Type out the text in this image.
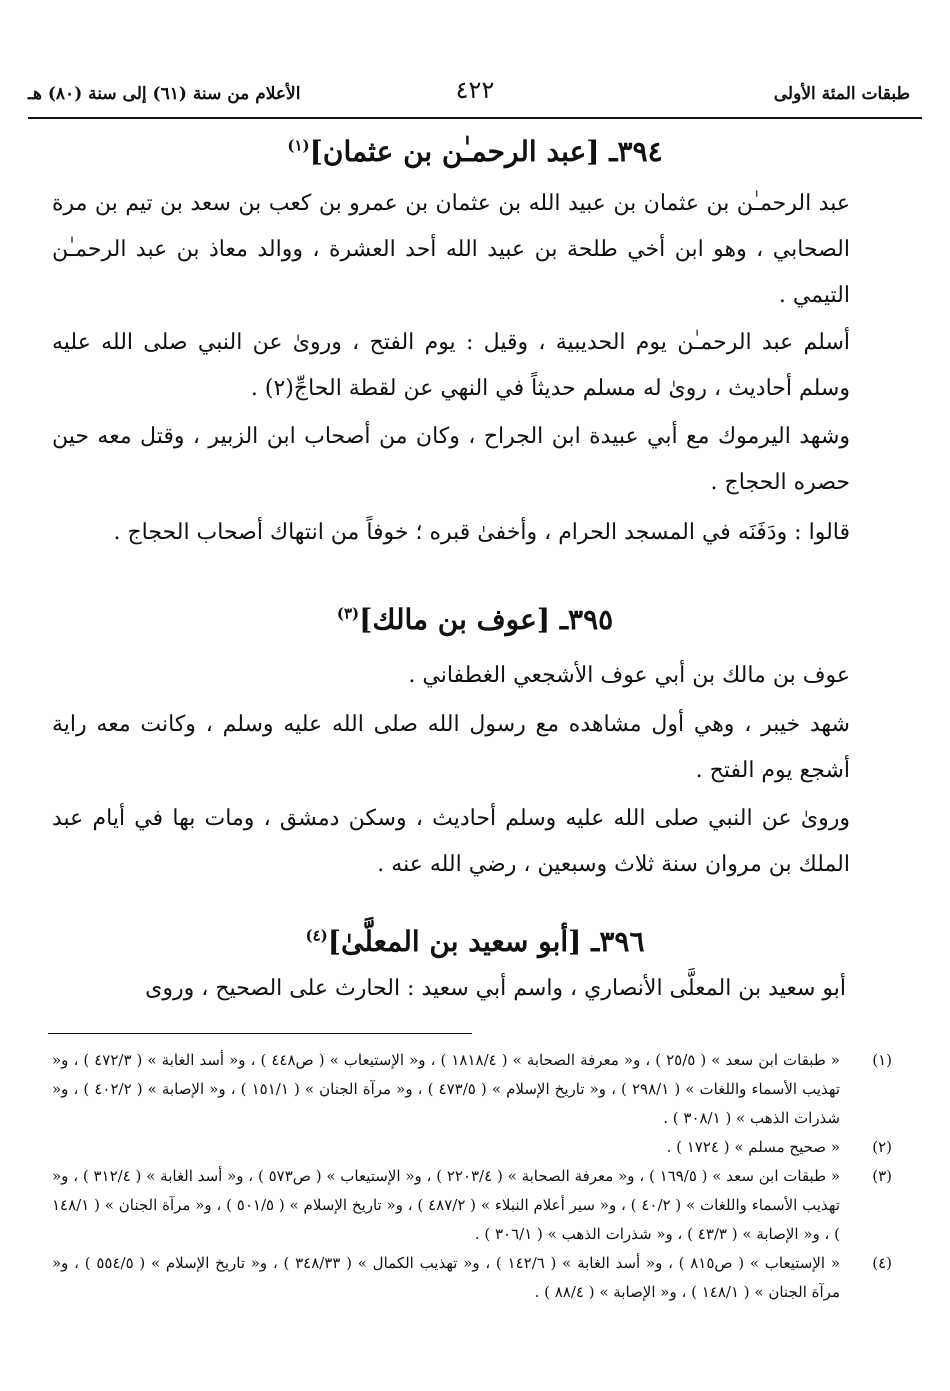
طبقات المئة الأولى
٤٢٢
الأعلام من سنة (٦١) إلى سنة (٨٠) هـ
٣٩٤ـ [عبد الرحمـٰن بن عثمان]$^{(١)}$
عبد الرحمـٰن بن عثمان بن عبيد الله بن عثمان بن عمرو بن كعب بن سعد بن تيم بن مرة الصحابي ، وهو ابن أخي طلحة بن عبيد الله أحد العشرة ، ووالد معاذ بن عبد الرحمـٰن التيمي .
أسلم عبد الرحمـٰن يوم الحديبية ، وقيل : يوم الفتح ، وروىٰ عن النبي صلى الله عليه وسلم أحاديث ، روىٰ له مسلم حديثاً في النهي عن لقطة الحاجِّ(٢) .
وشهد اليرموك مع أبي عبيدة ابن الجراح ، وكان من أصحاب ابن الزبير ، وقتل معه حين حصره الحجاج .
قالوا : ودَفَنَه في المسجد الحرام ، وأخفىٰ قبره ؛ خوفاً من انتهاك أصحاب الحجاج .
٣٩٥ـ [عوف بن مالك]$^{(٣)}$
عوف بن مالك بن أبي عوف الأشجعي الغطفاني .
شهد خيبر ، وهي أول مشاهده مع رسول الله صلى الله عليه وسلم ، وكانت معه راية أشجع يوم الفتح .
وروىٰ عن النبي صلى الله عليه وسلم أحاديث ، وسكن دمشق ، ومات بها في أيام عبد الملك بن مروان سنة ثلاث وسبعين ، رضي الله عنه .
٣٩٦ـ [أبو سعيد بن المعلَّىٰ]$^{(٤)}$
أبو سعيد بن المعلَّى الأنصاري ، واسم أبي سعيد : الحارث على الصحيح ، وروى
(١)
« طبقات ابن سعد » ( ٢٥/٥ ) ، و« معرفة الصحابة » ( ١٨١٨/٤ ) ، و« الإستيعاب » ( ص٤٤٨ ) ، و« أسد الغابة » ( ٤٧٢/٣ ) ، و« تهذيب الأسماء واللغات » ( ٢٩٨/١ ) ، و« تاريخ الإسلام » ( ٤٧٣/٥ ) ، و« مرآة الجنان » ( ١٥١/١ ) ، و« الإصابة » ( ٤٠٢/٢ ) ، و« شذرات الذهب » ( ٣٠٨/١ ) .
(٢)
« صحيح مسلم » ( ١٧٢٤ ) .
(٣)
« طبقات ابن سعد » ( ١٦٩/٥ ) ، و« معرفة الصحابة » ( ٢٢٠٣/٤ ) ، و« الإستيعاب » ( ص٥٧٣ ) ، و« أسد الغابة » ( ٣١٢/٤ ) ، و« تهذيب الأسماء واللغات » ( ٤٠/٢ ) ، و« سير أعلام النبلاء » ( ٤٨٧/٢ ) ، و« تاريخ الإسلام » ( ٥٠١/٥ ) ، و« مرآة الجنان » ( ١٤٨/١ ) ، و« الإصابة » ( ٤٣/٣ ) ، و« شذرات الذهب » ( ٣٠٦/١ ) .
(٤)
« الإستيعاب » ( ص٨١٥ ) ، و« أسد الغابة » ( ١٤٢/٦ ) ، و« تهذيب الكمال » ( ٣٤٨/٣٣ ) ، و« تاريخ الإسلام » ( ٥٥٤/٥ ) ، و« مرآة الجنان » ( ١٤٨/١ ) ، و« الإصابة » ( ٨٨/٤ ) .
